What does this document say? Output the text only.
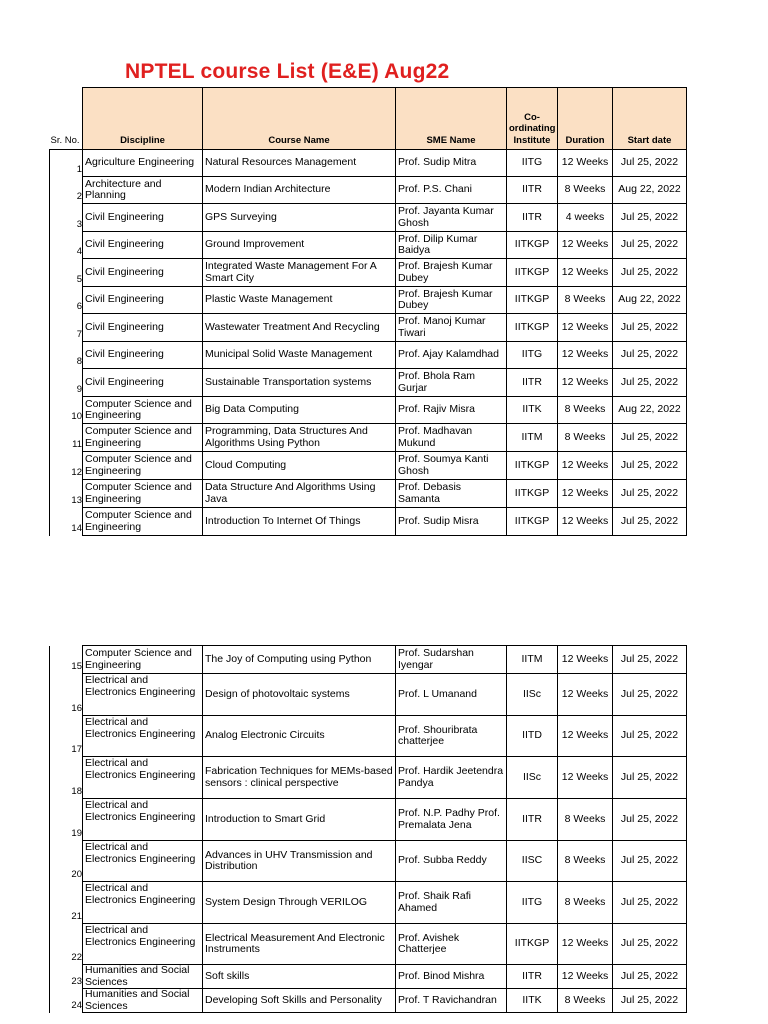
NPTEL course List (E&E) Aug22
Sr. No.	Discipline	Course Name	SME Name	Co-ordinating Institute	Duration	Start date
1	Agriculture Engineering	Natural Resources Management	Prof. Sudip Mitra	IITG	12 Weeks	Jul 25, 2022
2	Architecture and Planning	Modern Indian Architecture	Prof. P.S. Chani	IITR	8 Weeks	Aug 22, 2022
3	Civil Engineering	GPS Surveying	Prof. Jayanta Kumar Ghosh	IITR	4 weeks	Jul 25, 2022
4	Civil Engineering	Ground Improvement	Prof. Dilip Kumar Baidya	IITKGP	12 Weeks	Jul 25, 2022
5	Civil Engineering	Integrated Waste Management For A Smart City	Prof. Brajesh Kumar Dubey	IITKGP	12 Weeks	Jul 25, 2022
6	Civil Engineering	Plastic Waste Management	Prof. Brajesh Kumar Dubey	IITKGP	8 Weeks	Aug 22, 2022
7	Civil Engineering	Wastewater Treatment And Recycling	Prof. Manoj Kumar Tiwari	IITKGP	12 Weeks	Jul 25, 2022
8	Civil Engineering	Municipal Solid Waste Management	Prof. Ajay Kalamdhad	IITG	12 Weeks	Jul 25, 2022
9	Civil Engineering	Sustainable Transportation systems	Prof. Bhola Ram Gurjar	IITR	12 Weeks	Jul 25, 2022
10	Computer Science and Engineering	Big Data Computing	Prof. Rajiv Misra	IITK	8 Weeks	Aug 22, 2022
11	Computer Science and Engineering	Programming, Data Structures And Algorithms Using Python	Prof. Madhavan Mukund	IITM	8 Weeks	Jul 25, 2022
12	Computer Science and Engineering	Cloud Computing	Prof. Soumya Kanti Ghosh	IITKGP	12 Weeks	Jul 25, 2022
13	Computer Science and Engineering	Data Structure And Algorithms Using Java	Prof. Debasis Samanta	IITKGP	12 Weeks	Jul 25, 2022
14	Computer Science and Engineering	Introduction To Internet Of Things	Prof. Sudip Misra	IITKGP	12 Weeks	Jul 25, 2022
15	Computer Science and Engineering	The Joy of Computing using Python	Prof. Sudarshan Iyengar	IITM	12 Weeks	Jul 25, 2022
16	Electrical and Electronics Engineering	Design of photovoltaic systems	Prof. L Umanand	IISc	12 Weeks	Jul 25, 2022
17	Electrical and Electronics Engineering	Analog Electronic Circuits	Prof. Shouribrata chatterjee	IITD	12 Weeks	Jul 25, 2022
18	Electrical and Electronics Engineering	Fabrication Techniques for MEMs-based sensors : clinical perspective	Prof. Hardik Jeetendra Pandya	IISc	12 Weeks	Jul 25, 2022
19	Electrical and Electronics Engineering	Introduction to Smart Grid	Prof. N.P. Padhy Prof. Premalata Jena	IITR	8 Weeks	Jul 25, 2022
20	Electrical and Electronics Engineering	Advances in UHV Transmission and Distribution	Prof. Subba Reddy	IISC	8 Weeks	Jul 25, 2022
21	Electrical and Electronics Engineering	System Design Through VERILOG	Prof. Shaik Rafi Ahamed	IITG	8 Weeks	Jul 25, 2022
22	Electrical and Electronics Engineering	Electrical Measurement And Electronic Instruments	Prof. Avishek Chatterjee	IITKGP	12 Weeks	Jul 25, 2022
23	Humanities and Social Sciences	Soft skills	Prof. Binod Mishra	IITR	12 Weeks	Jul 25, 2022
24	Humanities and Social Sciences	Developing Soft Skills and Personality	Prof. T Ravichandran	IITK	8 Weeks	Jul 25, 2022
